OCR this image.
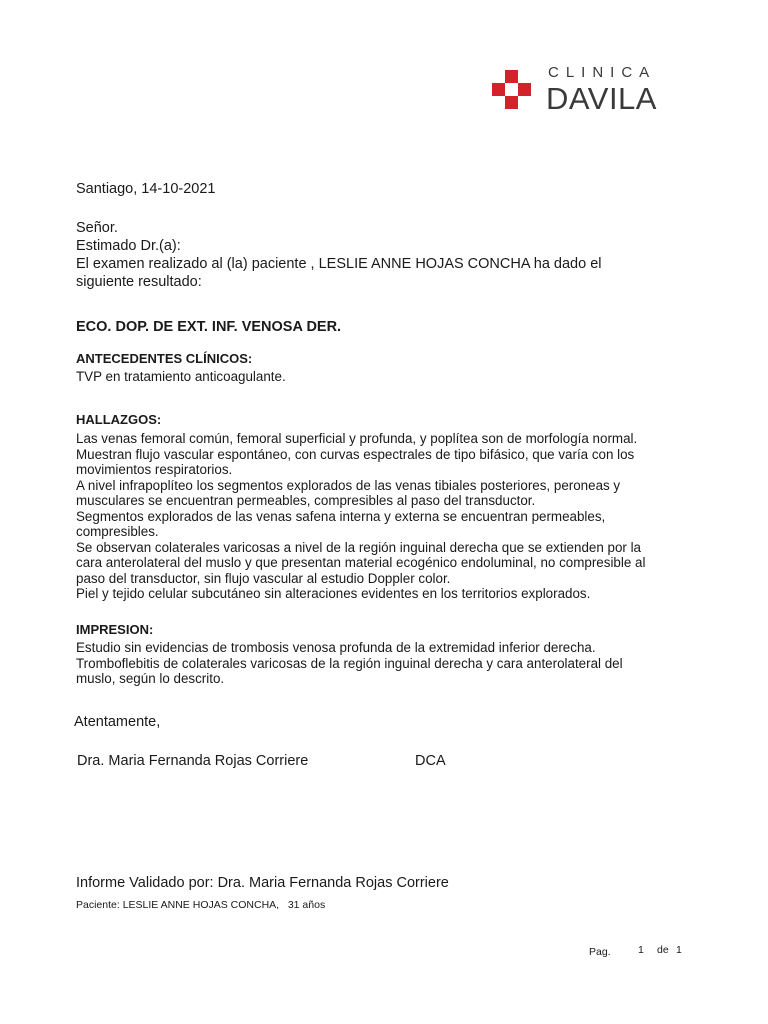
CLINICA
DAVILA
Santiago, 14-10-2021
Señor.
Estimado Dr.(a):
El examen realizado al (la) paciente , LESLIE ANNE HOJAS CONCHA ha dado el
siguiente resultado:
ECO. DOP. DE EXT. INF. VENOSA DER.
ANTECEDENTES CLÍNICOS:
TVP en tratamiento anticoagulante.
HALLAZGOS:
Las venas femoral común, femoral superficial y profunda, y poplítea son de morfología normal.
Muestran flujo vascular espontáneo, con curvas espectrales de tipo bifásico, que varía con los
movimientos respiratorios.
A nivel infrapoplíteo los segmentos explorados de las venas tibiales posteriores, peroneas y
musculares se encuentran permeables, compresibles al paso del transductor.
Segmentos explorados de las venas safena interna y externa se encuentran permeables,
compresibles.
Se observan colaterales varicosas a nivel de la región inguinal derecha que se extienden por la
cara anterolateral del muslo y que presentan material ecogénico endoluminal, no compresible al
paso del transductor, sin flujo vascular al estudio Doppler color.
Piel y tejido celular subcutáneo sin alteraciones evidentes en los territorios explorados.
IMPRESION:
Estudio sin evidencias de trombosis venosa profunda de la extremidad inferior derecha.
Tromboflebitis de colaterales varicosas de la región inguinal derecha y cara anterolateral del
muslo, según lo descrito.
Atentamente,
Dra. Maria Fernanda Rojas Corriere	DCA
Informe Validado por: Dra. Maria Fernanda Rojas Corriere
Paciente: LESLIE ANNE HOJAS CONCHA,   31 años
Pag.	1 de 1
